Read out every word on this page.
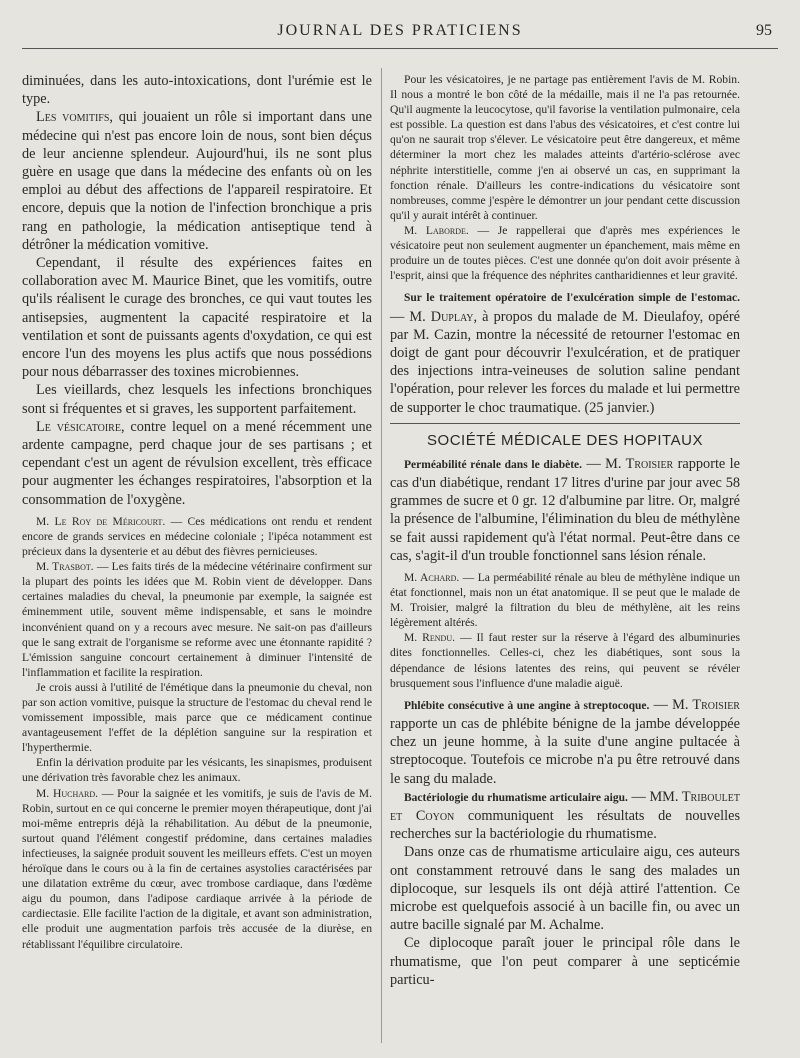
JOURNAL DES PRATICIENS	95

diminuées, dans les auto-intoxications, dont l'urémie est le type.

Les vomitifs, qui jouaient un rôle si important dans une médecine qui n'est pas encore loin de nous, sont bien déçus de leur ancienne splendeur. Aujourd'hui, ils ne sont plus guère en usage que dans la médecine des enfants où on les emploi au début des affections de l'appareil respiratoire. Et encore, depuis que la notion de l'infection bronchique a pris rang en pathologie, la médication antiseptique tend à détrôner la médication vomitive.

Cependant, il résulte des expériences faites en collaboration avec M. Maurice Binet, que les vomitifs, outre qu'ils réalisent le curage des bronches, ce qui vaut toutes les antisepsies, augmentent la capacité respiratoire et la ventilation et sont de puissants agents d'oxydation, ce qui est encore l'un des moyens les plus actifs que nous possédions pour nous débarrasser des toxines microbiennes.

Les vieillards, chez lesquels les infections bronchiques sont si fréquentes et si graves, les supportent parfaitement.

Le vésicatoire, contre lequel on a mené récemment une ardente campagne, perd chaque jour de ses partisans ; et cependant c'est un agent de révulsion excellent, très efficace pour augmenter les échanges respiratoires, l'absorption et la consommation de l'oxygène.

M. Le Roy de Méricourt. — Ces médications ont rendu et rendent encore de grands services en médecine coloniale ; l'ipéca notamment est précieux dans la dysenterie et au début des fièvres pernicieuses.

M. Trasbot. — Les faits tirés de la médecine vétérinaire confirment sur la plupart des points les idées que M. Robin vient de développer. Dans certaines maladies du cheval, la pneumonie par exemple, la saignée est éminemment utile, souvent même indispensable, et sans le moindre inconvénient quand on y a recours avec mesure. Ne sait-on pas d'ailleurs que le sang extrait de l'organisme se reforme avec une étonnante rapidité ? L'émission sanguine concourt certainement à diminuer l'intensité de l'inflammation et facilite la respiration.

Je crois aussi à l'utilité de l'émétique dans la pneumonie du cheval, non par son action vomitive, puisque la structure de l'estomac du cheval rend le vomissement impossible, mais parce que ce médicament continue avantageusement l'effet de la déplétion sanguine sur la respiration et l'hyperthermie.

Enfin la dérivation produite par les vésicants, les sinapismes, produisent une dérivation très favorable chez les animaux.

M. Huchard. — Pour la saignée et les vomitifs, je suis de l'avis de M. Robin, surtout en ce qui concerne le premier moyen thérapeutique, dont j'ai moi-même entrepris déjà la réhabilitation. Au début de la pneumonie, surtout quand l'élément congestif prédomine, dans certaines maladies infectieuses, la saignée produit souvent les meilleurs effets. C'est un moyen héroïque dans le cours ou à la fin de certaines asystolies caractérisées par une dilatation extrême du cœur, avec trombose cardiaque, dans l'œdème aigu du poumon, dans l'adipose cardiaque arrivée à la période de cardiectasie. Elle facilite l'action de la digitale, et avant son administration, elle produit une augmentation parfois très accusée de la diurèse, en rétablissant l'équilibre circulatoire.

Pour les vésicatoires, je ne partage pas entièrement l'avis de M. Robin. Il nous a montré le bon côté de la médaille, mais il ne l'a pas retournée. Qu'il augmente la leucocytose, qu'il favorise la ventilation pulmonaire, cela est possible. La question est dans l'abus des vésicatoires, et c'est contre lui qu'on ne saurait trop s'élever. Le vésicatoire peut être dangereux, et même déterminer la mort chez les malades atteints d'artério-sclérose avec néphrite interstitielle, comme j'en ai observé un cas, en supprimant la fonction rénale. D'ailleurs les contre-indications du vésicatoire sont nombreuses, comme j'espère le démontrer un jour pendant cette discussion qu'il y aurait intérêt à continuer.

M. Laborde. — Je rappellerai que d'après mes expériences le vésicatoire peut non seulement augmenter un épanchement, mais même en produire un de toutes pièces. C'est une donnée qu'on doit avoir présente à l'esprit, ainsi que la fréquence des néphrites cantharidiennes et leur gravité.

Sur le traitement opératoire de l'exulcération simple de l'estomac. — M. Duplay, à propos du malade de M. Dieulafoy, opéré par M. Cazin, montre la nécessité de retourner l'estomac en doigt de gant pour découvrir l'exulcération, et de pratiquer des injections intra-veineuses de solution saline pendant l'opération, pour relever les forces du malade et lui permettre de supporter le choc traumatique. (25 janvier.)

SOCIÉTÉ MÉDICALE DES HOPITAUX

Perméabilité rénale dans le diabète. — M. Troisier rapporte le cas d'un diabétique, rendant 17 litres d'urine par jour avec 58 grammes de sucre et 0 gr. 12 d'albumine par litre. Or, malgré la présence de l'albumine, l'élimination du bleu de méthylène se fait aussi rapidement qu'à l'état normal. Peut-être dans ce cas, s'agit-il d'un trouble fonctionnel sans lésion rénale.

M. Achard. — La perméabilité rénale au bleu de méthylène indique un état fonctionnel, mais non un état anatomique. Il se peut que le malade de M. Troisier, malgré la filtration du bleu de méthylène, ait les reins légèrement altérés.

M. Rendu. — Il faut rester sur la réserve à l'égard des albuminuries dites fonctionnelles. Celles-ci, chez les diabétiques, sont sous la dépendance de lésions latentes des reins, qui peuvent se révéler brusquement sous l'influence d'une maladie aiguë.

Phlébite consécutive à une angine à streptocoque. — M. Troisier rapporte un cas de phlébite bénigne de la jambe développée chez un jeune homme, à la suite d'une angine pultacée à streptocoque. Toutefois ce microbe n'a pu être retrouvé dans le sang du malade.

Bactériologie du rhumatisme articulaire aigu. — MM. Triboulet et Coyon communiquent les résultats de nouvelles recherches sur la bactériologie du rhumatisme.

Dans onze cas de rhumatisme articulaire aigu, ces auteurs ont constamment retrouvé dans le sang des malades un diplocoque, sur lesquels ils ont déjà attiré l'attention. Ce microbe est quelquefois associé à un bacille fin, ou avec un autre bacille signalé par M. Achalme.

Ce diplocoque paraît jouer le principal rôle dans le rhumatisme, que l'on peut comparer à une septicémie particu-
